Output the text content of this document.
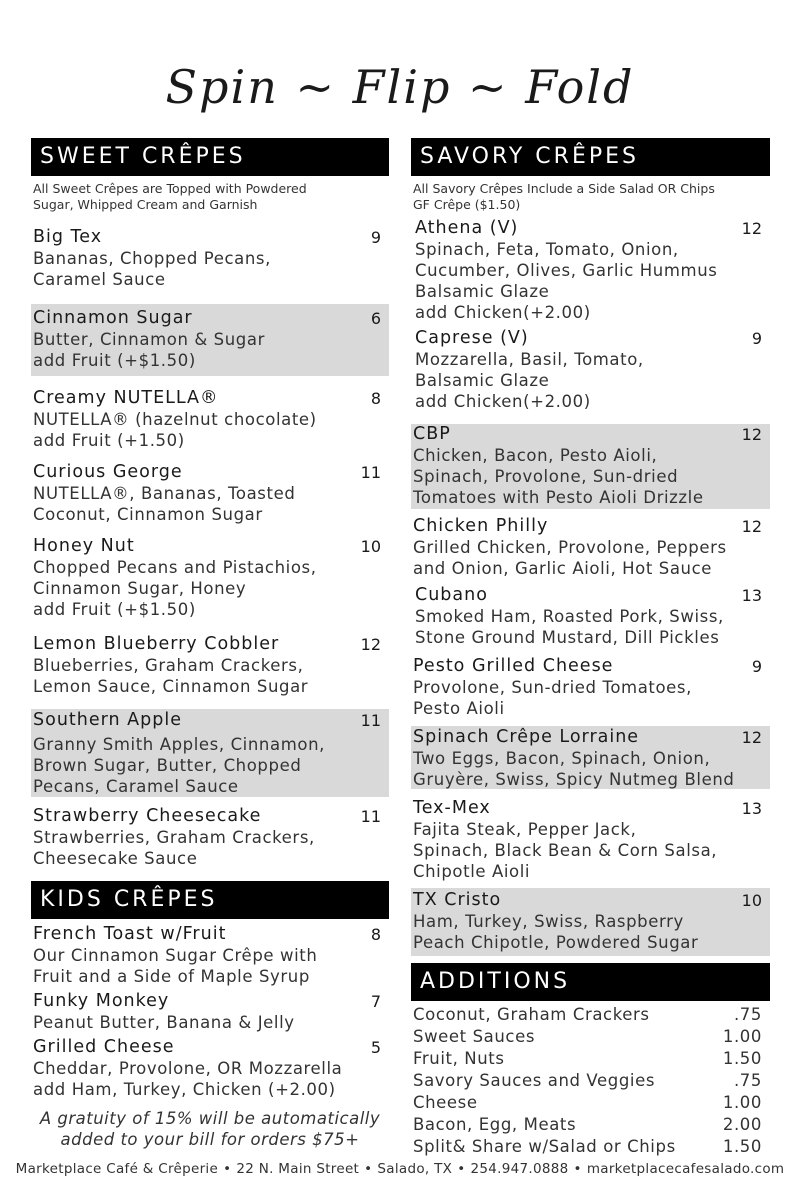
Spin ~ Flip ~ Fold
SWEET CRÊPES
All Sweet Crêpes are Topped with Powdered
Sugar, Whipped Cream and Garnish
Big Tex	9
Bananas, Chopped Pecans,
Caramel Sauce
Cinnamon Sugar	6
Butter, Cinnamon & Sugar
add Fruit (+$1.50)
Creamy NUTELLA®	8
NUTELLA® (hazelnut chocolate)
add Fruit (+1.50)
Curious George	11
NUTELLA®, Bananas, Toasted
Coconut, Cinnamon Sugar
Honey Nut	10
Chopped Pecans and Pistachios,
Cinnamon Sugar, Honey
add Fruit (+$1.50)
Lemon Blueberry Cobbler	12
Blueberries, Graham Crackers,
Lemon Sauce, Cinnamon Sugar
Southern Apple	11
Granny Smith Apples, Cinnamon,
Brown Sugar, Butter, Chopped
Pecans, Caramel Sauce
Strawberry Cheesecake	11
Strawberries, Graham Crackers,
Cheesecake Sauce
KIDS CRÊPES
French Toast w/Fruit	8
Our Cinnamon Sugar Crêpe with
Fruit and a Side of Maple Syrup
Funky Monkey	7
Peanut Butter, Banana & Jelly
Grilled Cheese	5
Cheddar, Provolone, OR Mozzarella
add Ham, Turkey, Chicken (+2.00)
A gratuity of 15% will be automatically
added to your bill for orders $75+
SAVORY CRÊPES
All Savory Crêpes Include a Side Salad OR Chips
GF Crêpe ($1.50)
Athena (V)	12
Spinach, Feta, Tomato, Onion,
Cucumber, Olives, Garlic Hummus
Balsamic Glaze
add Chicken(+2.00)
Caprese (V)	9
Mozzarella, Basil, Tomato,
Balsamic Glaze
add Chicken(+2.00)
CBP	12
Chicken, Bacon, Pesto Aioli,
Spinach, Provolone, Sun-dried
Tomatoes with Pesto Aioli Drizzle
Chicken Philly	12
Grilled Chicken, Provolone, Peppers
and Onion, Garlic Aioli, Hot Sauce
Cubano	13
Smoked Ham, Roasted Pork, Swiss,
Stone Ground Mustard, Dill Pickles
Pesto Grilled Cheese	9
Provolone, Sun-dried Tomatoes,
Pesto Aioli
Spinach Crêpe Lorraine	12
Two Eggs, Bacon, Spinach, Onion,
Gruyère, Swiss, Spicy Nutmeg Blend
Tex-Mex	13
Fajita Steak, Pepper Jack,
Spinach, Black Bean & Corn Salsa,
Chipotle Aioli
TX Cristo	10
Ham, Turkey, Swiss, Raspberry
Peach Chipotle, Powdered Sugar
ADDITIONS
Coconut, Graham Crackers	.75
Sweet Sauces	1.00
Fruit, Nuts	1.50
Savory Sauces and Veggies	.75
Cheese	1.00
Bacon, Egg, Meats	2.00
Split& Share w/Salad or Chips	1.50
Marketplace Café & Crêperie • 22 N. Main Street • Salado, TX • 254.947.0888 • marketplacecafesalado.com
